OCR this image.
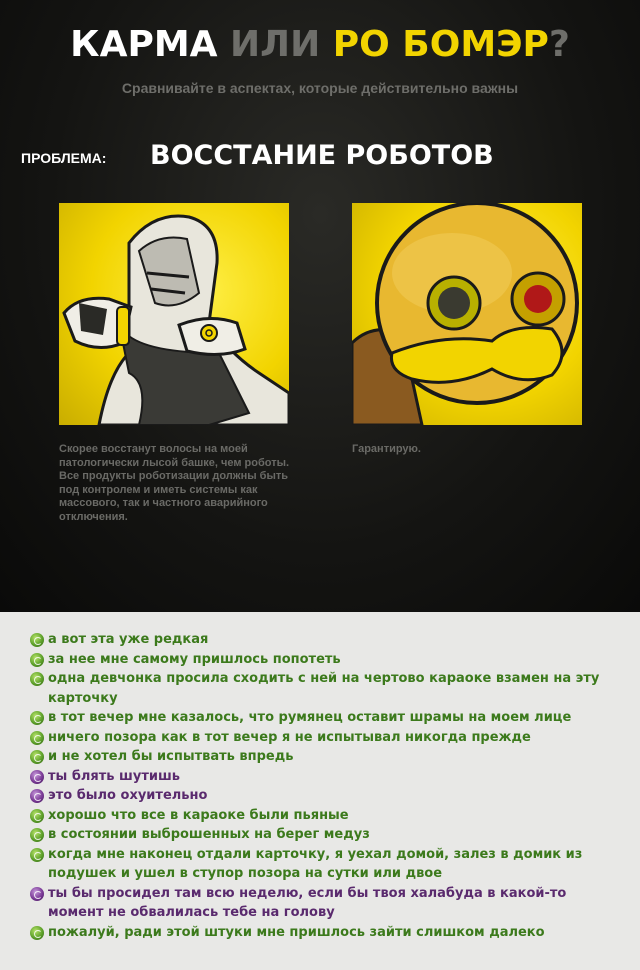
КАРМА ИЛИ РО БОМЭР?
Сравнивайте в аспектах, которые действительно важны
ПРОБЛЕМА: ВОССТАНИЕ РОБОТОВ
Скорее восстанут волосы на моей патологически лысой башке, чем роботы. Все продукты роботизации должны быть под контролем и иметь системы как массового, так и частного аварийного отключения.
Гарантирую.
а вот эта уже редкая
за нее мне самому пришлось попотеть
одна девчонка просила сходить с ней на чертово караоке взамен на эту карточку
в тот вечер мне казалось, что румянец оставит шрамы на моем лице
ничего позора как в тот вечер я не испытывал никогда прежде
и не хотел бы испытвать впредь
ты блять шутишь
это было охуительно
хорошо что все в караоке были пьяные
в состоянии выброшенных на берег медуз
когда мне наконец отдали карточку, я уехал домой, залез в домик из подушек и ушел в ступор позора на сутки или двое
ты бы просидел там всю неделю, если бы твоя халабуда в какой-то момент не обвалилась тебе на голову
пожалуй, ради этой штуки мне пришлось зайти слишком далеко
